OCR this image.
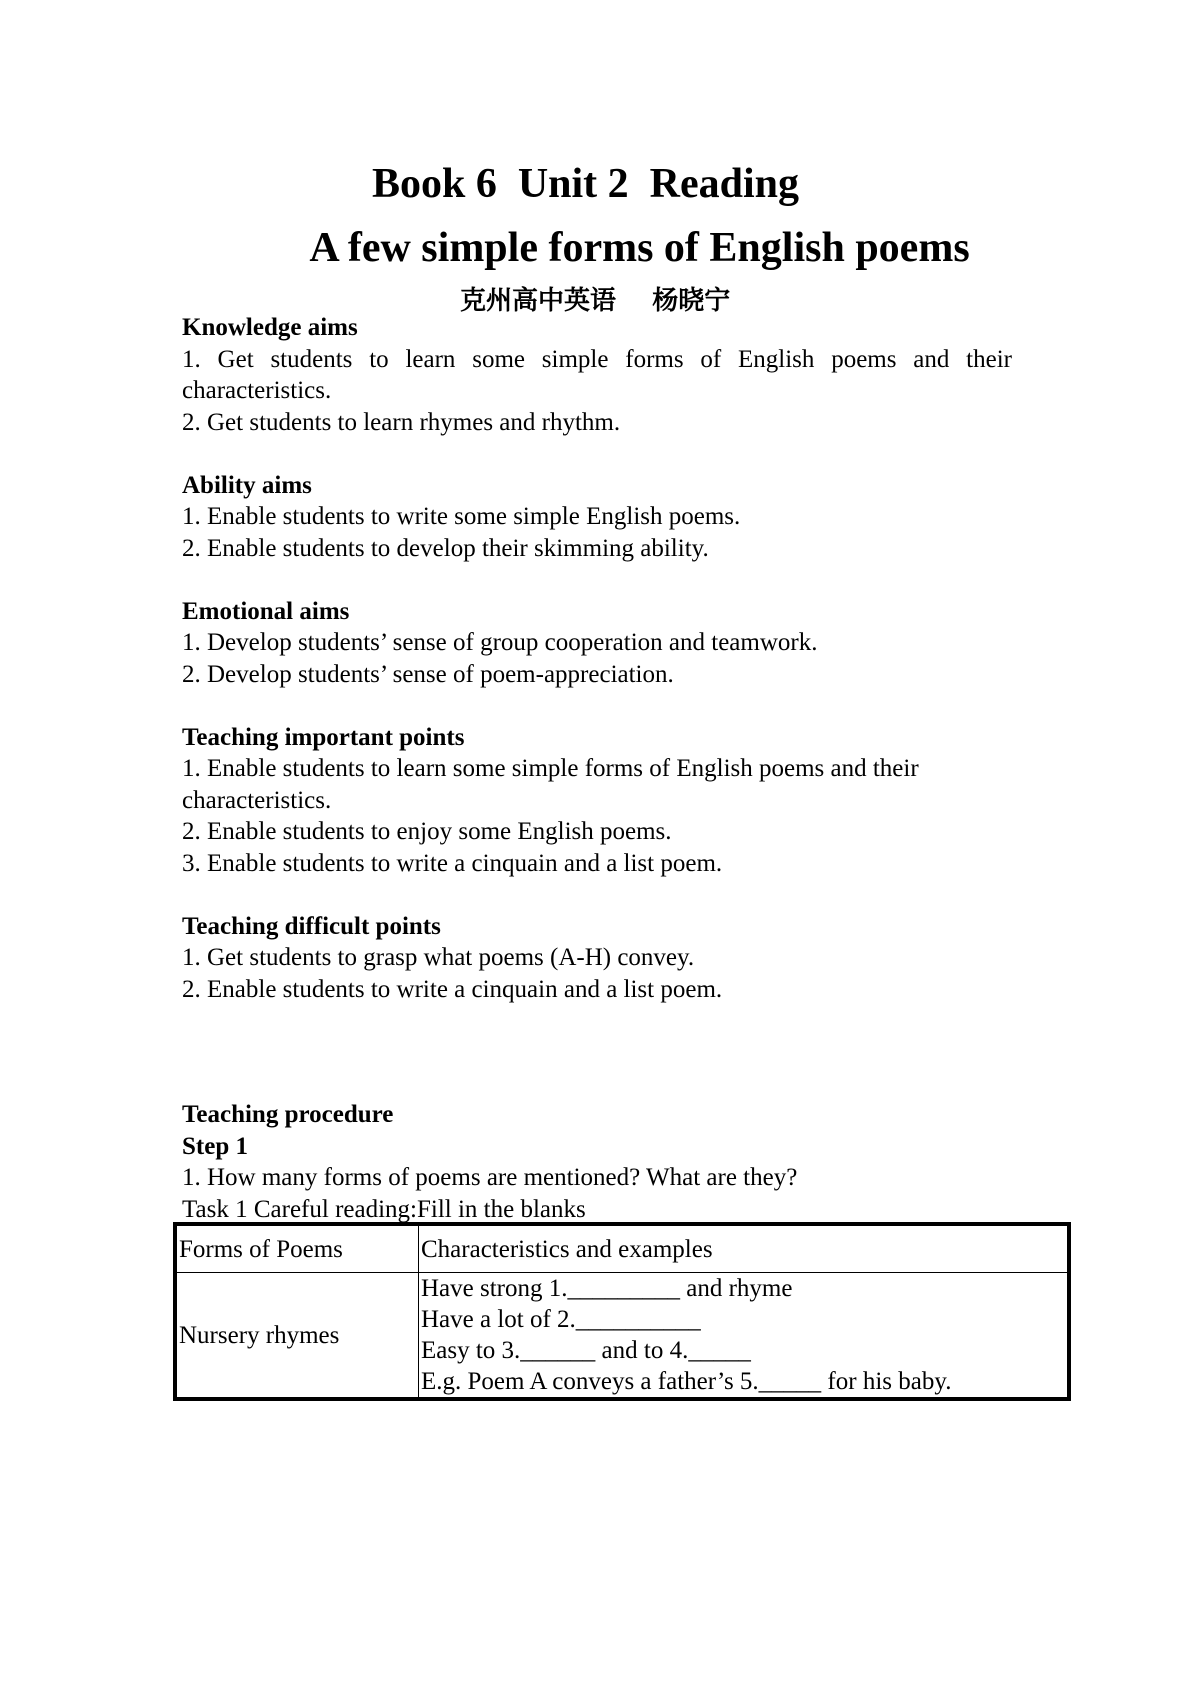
Book 6  Unit 2  Reading
A few simple forms of English poems
克州高中英语    杨晓宁

Knowledge aims

1. Get students to learn some simple forms of English poems and their characteristics.

2. Get students to learn rhymes and rhythm.

Ability aims

1. Enable students to write some simple English poems.

2. Enable students to develop their skimming ability.

Emotional aims

1. Develop students’ sense of group cooperation and teamwork.

2. Develop students’ sense of poem-appreciation.

Teaching important points

1. Enable students to learn some simple forms of English poems and their characteristics.

2. Enable students to enjoy some English poems.

3. Enable students to write a cinquain and a list poem.

Teaching difficult points

1. Get students to grasp what poems (A-H) convey.

2. Enable students to write a cinquain and a list poem.

Teaching procedure

Step 1

1. How many forms of poems are mentioned? What are they?

Task 1 Careful reading:Fill in the blanks

Forms of Poems	Characteristics and examples
Nursery rhymes	Have strong 1._________ and rhyme
Have a lot of 2.__________
Easy to 3.______ and to 4._____
E.g. Poem A conveys a father’s 5._____ for his baby.
